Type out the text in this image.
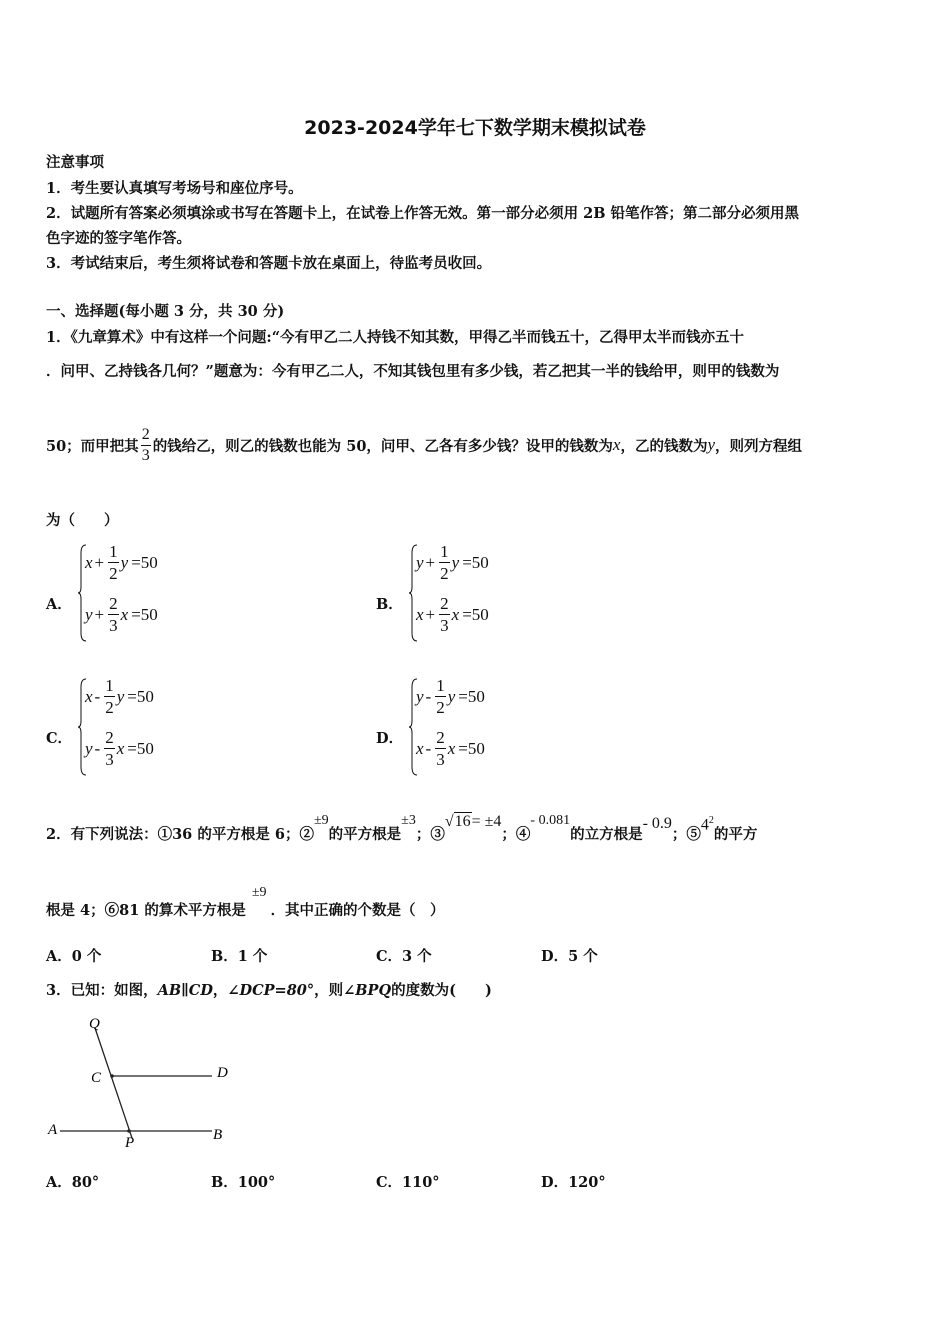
2023-2024学年七下数学期末模拟试卷
注意事项
1．考生要认真填写考场号和座位序号。
2．试题所有答案必须填涂或书写在答题卡上，在试卷上作答无效。第一部分必须用 2B 铅笔作答；第二部分必须用黑
色字迹的签字笔作答。
3．考试结束后，考生须将试卷和答题卡放在桌面上，待监考员收回。
一、选择题(每小题 3 分，共 30 分)
1．《九章算术》中有这样一个问题:“今有甲乙二人持钱不知其数，甲得乙半而钱五十，乙得甲太半而钱亦五十
．问甲、乙持钱各几何？”题意为：今有甲乙二人，不知其钱包里有多少钱，若乙把其一半的钱给甲，则甲的钱数为
50；而甲把其 $\frac{2}{3}$ 的钱给乙，则乙的钱数也能为 50，问甲、乙各有多少钱？设甲的钱数为 x ，乙的钱数为 y ，则列方程组
为（　　）
A．
$x + \frac{1}{2}$ y =50
$y + \frac{2}{3}$ x =50	B．
$y + \frac{1}{2}$ y =50
$x + \frac{2}{3}$ x =50
C．
x - $\frac{1}{2}$ y =50
y - $\frac{2}{3}$ x =50	D．
y - $\frac{1}{2}$ y =50
x - $\frac{2}{3}$ x =50
2．有下列说法：①36 的平方根是 6；②
±9
的平方根是
±3
；③
√16= ±4
；④
- 0.081
的立方根是
- 0.9
；⑤
$4^2$
的平方
根是 4；⑥81 的算术平方根是
±9
．其中正确的个数是（　）
A．0 个	B．1 个	C．3 个	D．5 个
3．已知：如图，AB∥CD，∠DCP=80°，则∠BPQ的度数为(　　)
Q
C	D
A
P	B
A．80°	B．100°	C．110°	D．120°
